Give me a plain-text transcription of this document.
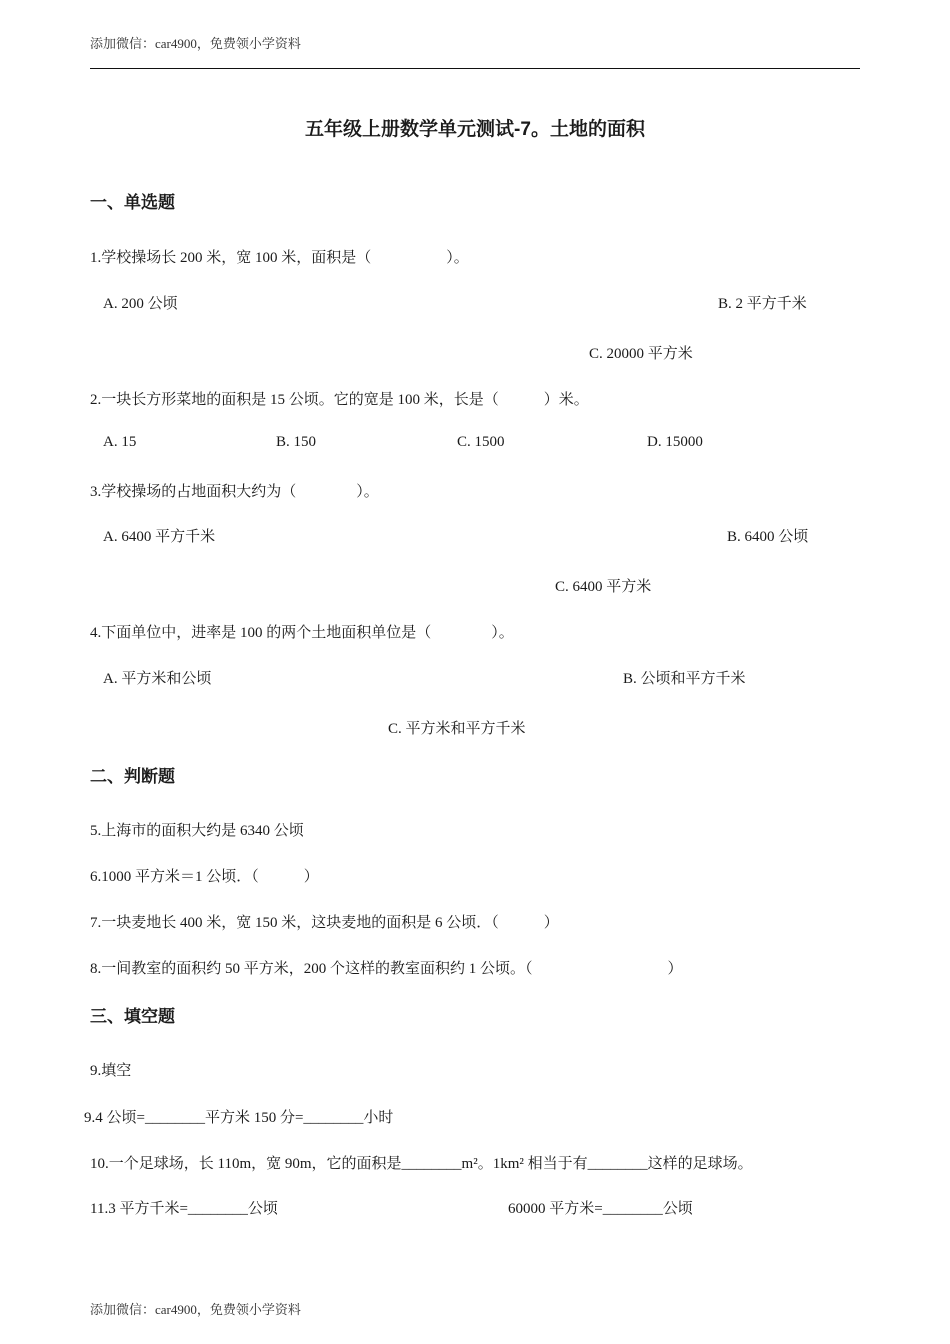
添加微信：car4900，免费领小学资料
五年级上册数学单元测试-7。土地的面积
一、单选题
1.学校操场长 200 米，宽 100 米，面积是（　　　　　）。
A. 200 公顷	B. 2 平方千米
C. 20000 平方米
2.一块长方形菜地的面积是 15 公顷。它的宽是 100 米，长是（　　　）米。
A. 15	B. 150	C. 1500	D. 15000
3.学校操场的占地面积大约为（　　　　）。
A. 6400 平方千米	B. 6400 公顷
C. 6400 平方米
4.下面单位中，进率是 100 的两个土地面积单位是（　　　　）。
A. 平方米和公顷	B. 公顷和平方千米
C. 平方米和平方千米
二、判断题
5.上海市的面积大约是 6340 公顷
6.1000 平方米＝1 公顷．（　　　）
7.一块麦地长 400 米，宽 150 米，这块麦地的面积是 6 公顷．（　　　）
8.一间教室的面积约 50 平方米，200 个这样的教室面积约 1 公顷。（　　　　　　　　　）
三、填空题
9.填空
9.4 公顷=________平方米 150 分=________小时
10.一个足球场，长 110m，宽 90m，它的面积是________m²。1km² 相当于有________这样的足球场。
11.3 平方千米=________公顷	60000 平方米=________公顷
添加微信：car4900，免费领小学资料
